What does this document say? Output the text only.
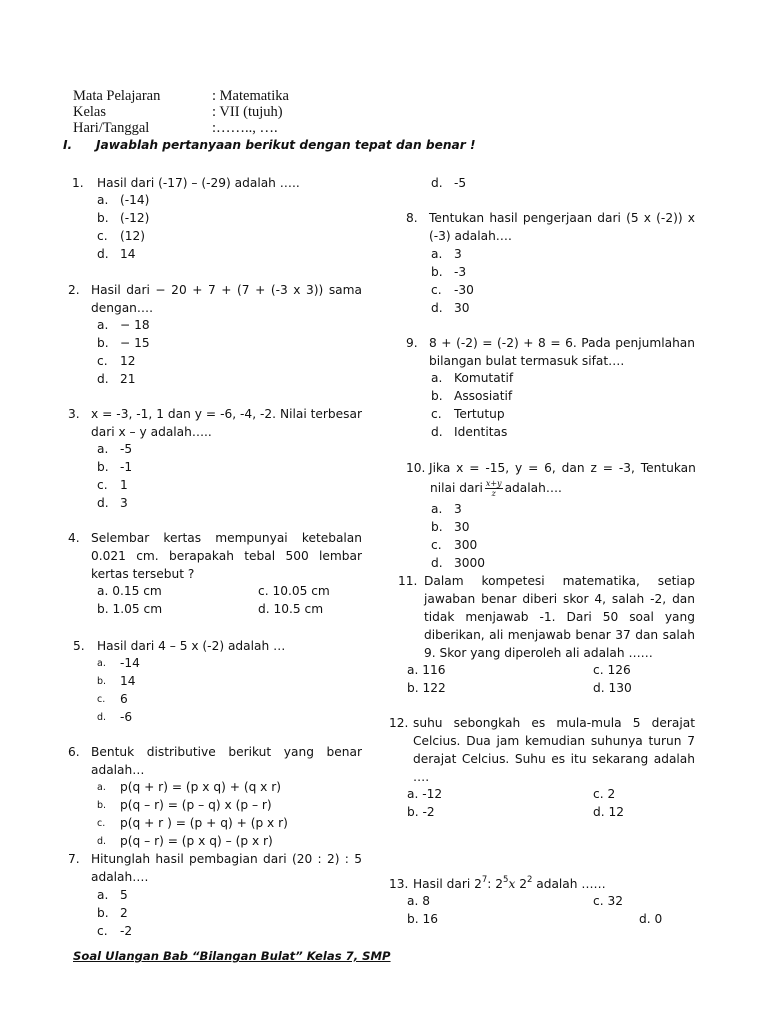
Mata Pelajaran	: Matematika
Kelas	: VII (tujuh)
Hari/Tanggal	:…….., ….
I. Jawablah pertanyaan berikut dengan tepat dan benar !
1.	Hasil dari (-17) – (-29) adalah …..
a. (-14)
b. (-12)
c. (12)
d. 14
2. Hasil dari − 20 + 7 + (7 + (-3 x 3)) sama dengan….
a. − 18
b. − 15
c. 12
d. 21
3. x = -3, -1, 1 dan y = -6, -4, -2. Nilai terbesar dari x – y adalah…..
a. -5
b. -1
c. 1
d. 3
4. Selembar kertas mempunyai ketebalan 0.021 cm. berapakah tebal 500 lembar kertas tersebut ?
a. 0.15 cm	c. 10.05 cm
b. 1.05 cm	d. 10.5 cm
5.	Hasil dari 4 – 5 x (-2) adalah …
a. -14
b. 14
c. 6
d. -6
6. Bentuk distributive berikut yang benar adalah…
a. p(q + r) = (p x q) + (q x r)
b. p(q – r) = (p – q) x (p – r)
c. p(q + r ) = (p + q) + (p x r)
d. p(q – r) = (p x q) – (p x r)
7. Hitunglah hasil pembagian dari (20 : 2) : 5 adalah….
a. 5
b. 2
c. -2
Soal Ulangan Bab “Bilangan Bulat” Kelas 7, SMP
d. -5
8. Tentukan hasil pengerjaan dari (5 x (-2)) x (-3) adalah….
a. 3
b. -3
c. -30
d. 30
9. 8 + (-2) = (-2) + 8 = 6. Pada penjumlahan bilangan bulat termasuk sifat….
a. Komutatif
b. Assosiatif
c. Tertutup
d. Identitas
10. Jika x = -15, y = 6, dan z = -3, Tentukan
nilai dari $\frac{x+y}{z}$ adalah….
a. 3
b. 30
c. 300
d. 3000
11. Dalam kompetesi matematika, setiap jawaban benar diberi skor 4, salah -2, dan tidak menjawab -1. Dari 50 soal yang diberikan, ali menjawab benar 37 dan salah 9. Skor yang diperoleh ali adalah ……
a. 116	c. 126
b. 122	d. 130
12. suhu sebongkah es mula-mula 5 derajat Celcius. Dua jam kemudian suhunya turun 7 derajat Celcius. Suhu es itu sekarang adalah ….
a. -12	c. 2
b. -2	d. 12
13. Hasil dari $2^7$: $2^5x$ $2^2$ adalah ……
a. 8	c. 32
b. 16	d. 0
